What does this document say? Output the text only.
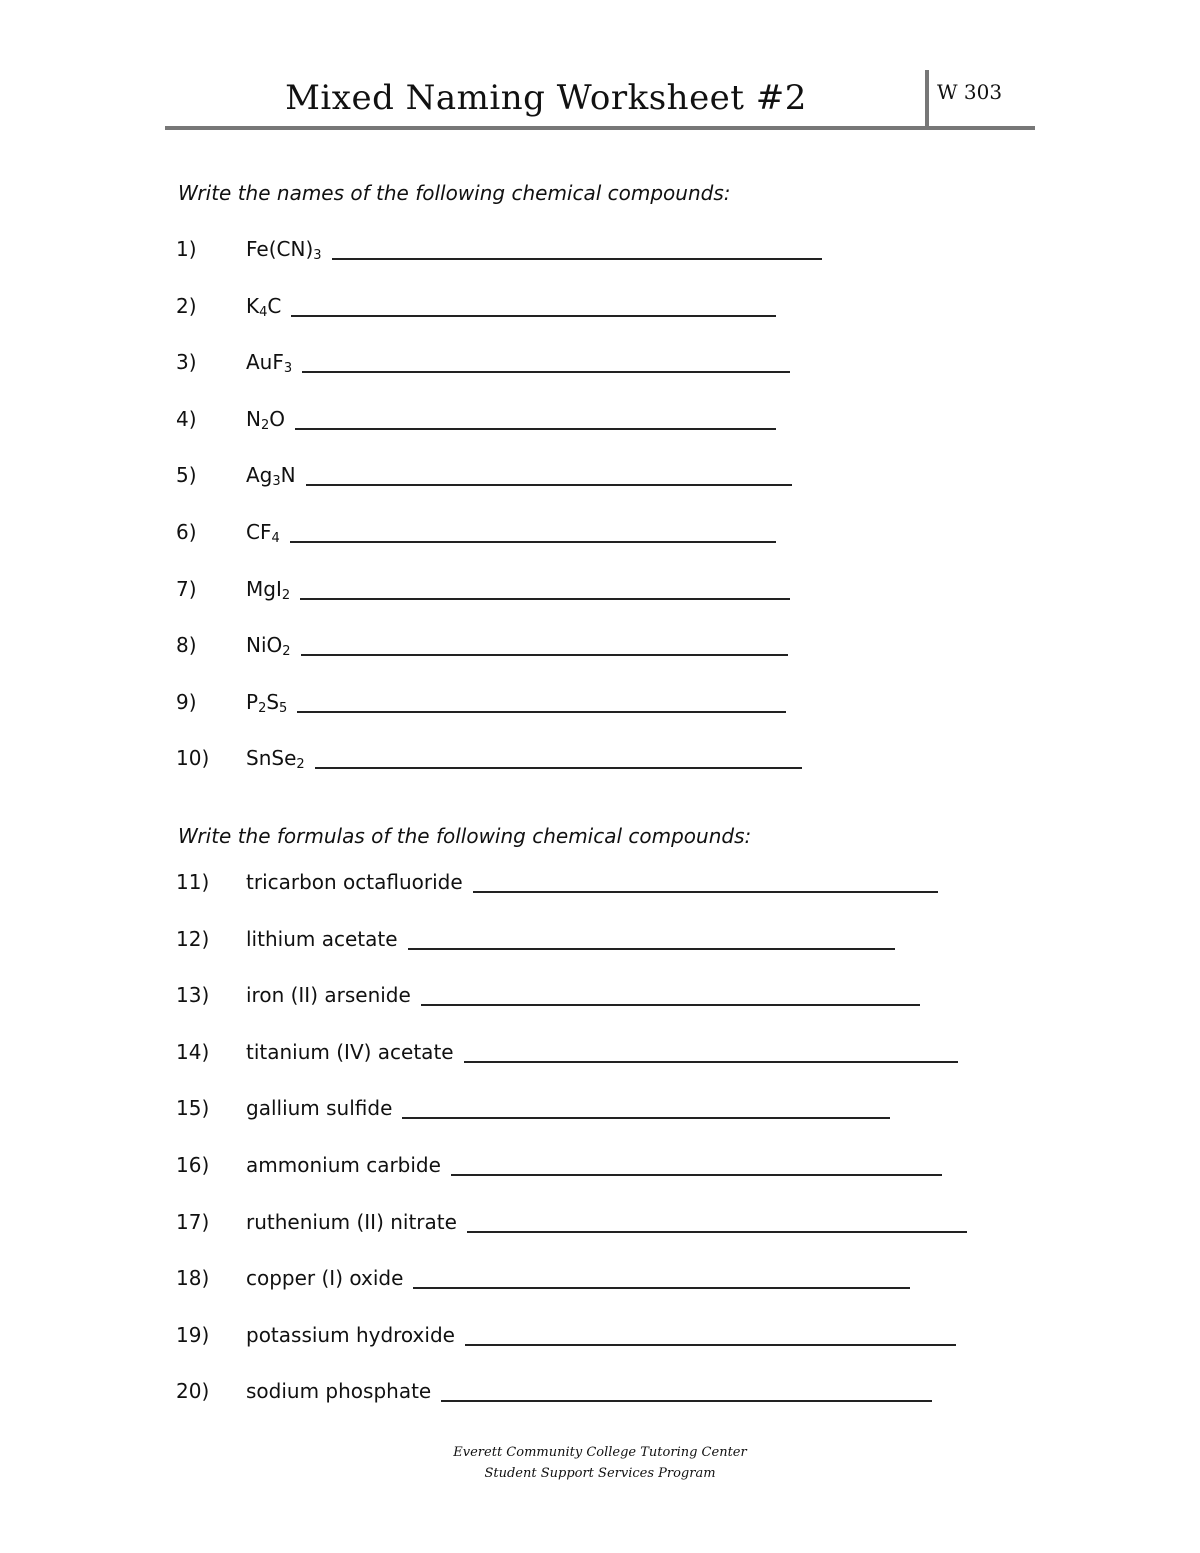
Mixed Naming Worksheet #2	W 303
Write the names of the following chemical compounds:
1)	$Fe(CN)_3$
2)	$K_4C$
3)	AuF$_3$
4)	$N_2O$
5)	$Ag_3N$
6)	$CF_4$
7)	MgI$_2$
8)	NiO$_2$
9)	$P_2S_5$
10)	SnSe$_2$
Write the formulas of the following chemical compounds:
11)	tricarbon octafluoride
12)	lithium acetate
13)	iron (II) arsenide
14)	titanium (IV) acetate
15)	gallium sulfide
16)	ammonium carbide
17)	ruthenium (II) nitrate
18)	copper (I) oxide
19)	potassium hydroxide
20)	sodium phosphate
Everett Community College Tutoring Center
Student Support Services Program
